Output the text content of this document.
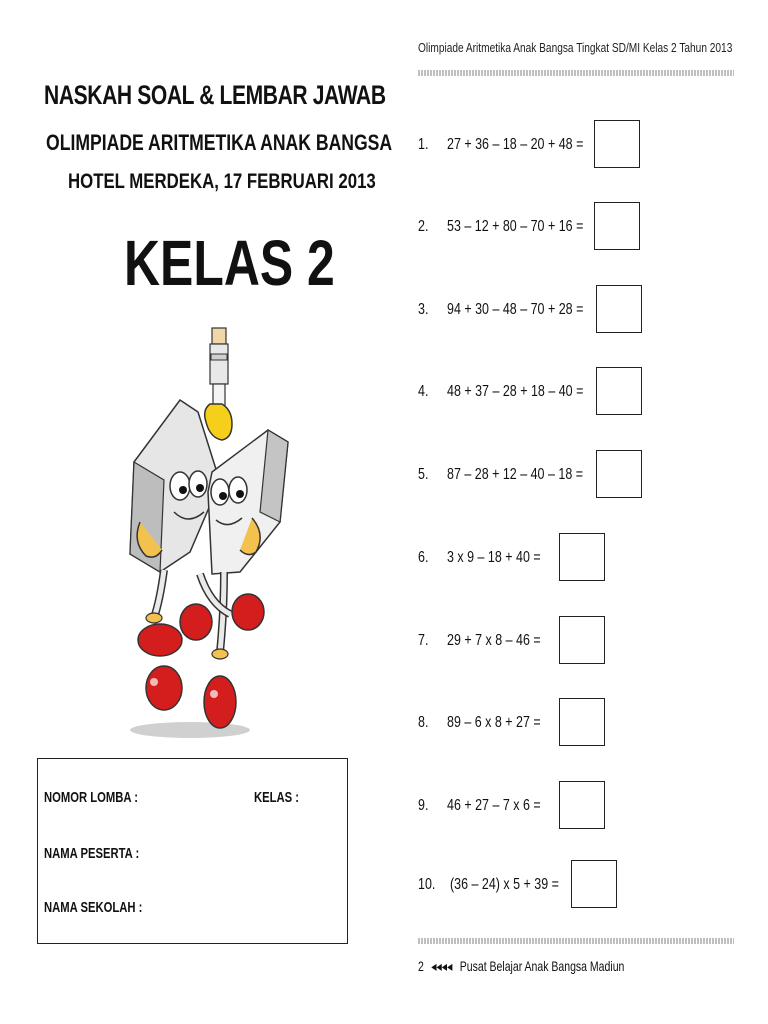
NASKAH SOAL & LEMBAR JAWAB
OLIMPIADE ARITMETIKA ANAK BANGSA
HOTEL MERDEKA, 17 FEBRUARI 2013
KELAS 2
NOMOR LOMBA :	KELAS :
NAMA PESERTA :
NAMA SEKOLAH :
Olimpiade Aritmetika Anak Bangsa Tingkat SD/MI Kelas 2 Tahun 2013
1. 27 + 36 – 18 – 20 + 48 =
2. 53 – 12 + 80 – 70 + 16 =
3. 94 + 30 – 48 – 70 + 28 =
4. 48 + 37 – 28 + 18 – 40 =
5. 87 – 28 + 12 – 40 – 18 =
6. 3 x 9 – 18 + 40 =
7. 29 + 7 x 8 – 46 =
8. 89 – 6 x 8 + 27 =
9. 46 + 27 – 7 x 6 =
10. (36 – 24) x 5 + 39 =
2 ◂◂◂◂ Pusat Belajar Anak Bangsa Madiun
